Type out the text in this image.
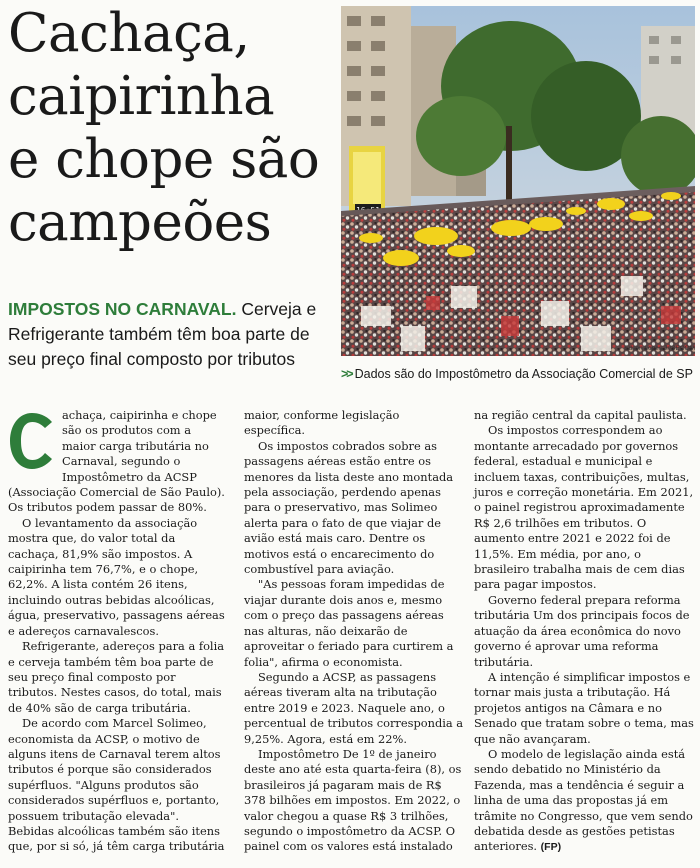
Cachaça,
caipirinha
e chope são
campeões
IMPOSTOS NO CARNAVAL. Cerveja e Refrigerante também têm boa parte de seu preço final composto por tributos
Edson Lopes Jr/SECOM
>> Dados são do Impostômetro da Associação Comercial de SP

achaça, caipirinha e chope são os produtos com a maior carga tributária no Carnaval, segundo o Impostômetro da ACSP (Associação Comercial de São Paulo). Os tributos podem passar de 80%.

O levantamento da associação mostra que, do valor total da cachaça, 81,9% são impostos. A caipirinha tem 76,7%, e o chope, 62,2%. A lista contém 26 itens, incluindo outras bebidas alcoólicas, água, preservativo, passagens aéreas e adereços carnavalescos.

Refrigerante, adereços para a folia e cerveja também têm boa parte de seu preço final composto por tributos. Nestes casos, do total, mais de 40% são de carga tributária.

De acordo com Marcel Solimeo, economista da ACSP, o motivo de alguns itens de Carnaval terem altos tributos é porque são considerados supérfluos. "Alguns produtos são considerados supérfluos e, portanto, possuem tributação elevada". Bebidas alcoólicas também são itens que, por si só, já têm carga tributária

maior, conforme legislação específica.

Os impostos cobrados sobre as passagens aéreas estão entre os menores da lista deste ano montada pela associação, perdendo apenas para o preservativo, mas Solimeo alerta para o fato de que viajar de avião está mais caro. Dentre os motivos está o encarecimento do combustível para aviação.

"As pessoas foram impedidas de viajar durante dois anos e, mesmo com o preço das passagens aéreas nas alturas, não deixarão de aproveitar o feriado para curtirem a folia", afirma o economista.

Segundo a ACSP, as passagens aéreas tiveram alta na tributação entre 2019 e 2023. Naquele ano, o percentual de tributos correspondia a 9,25%. Agora, está em 22%.

Impostômetro De 1º de janeiro deste ano até esta quarta-feira (8), os brasileiros já pagaram mais de R$ 378 bilhões em impostos. Em 2022, o valor chegou a quase R$ 3 trilhões, segundo o impostômetro da ACSP. O painel com os valores está instalado

na região central da capital paulista.

Os impostos correspondem ao montante arrecadado por governos federal, estadual e municipal e incluem taxas, contribuições, multas, juros e correção monetária. Em 2021, o painel registrou aproximadamente R$ 2,6 trilhões em tributos. O aumento entre 2021 e 2022 foi de 11,5%. Em média, por ano, o brasileiro trabalha mais de cem dias para pagar impostos.

Governo federal prepara reforma tributária Um dos principais focos de atuação da área econômica do novo governo é aprovar uma reforma tributária.

A intenção é simplificar impostos e tornar mais justa a tributação. Há projetos antigos na Câmara e no Senado que tratam sobre o tema, mas que não avançaram.

O modelo de legislação ainda está sendo debatido no Ministério da Fazenda, mas a tendência é seguir a linha de uma das propostas já em trâmite no Congresso, que vem sendo debatida desde as gestões petistas anteriores. (FP)
